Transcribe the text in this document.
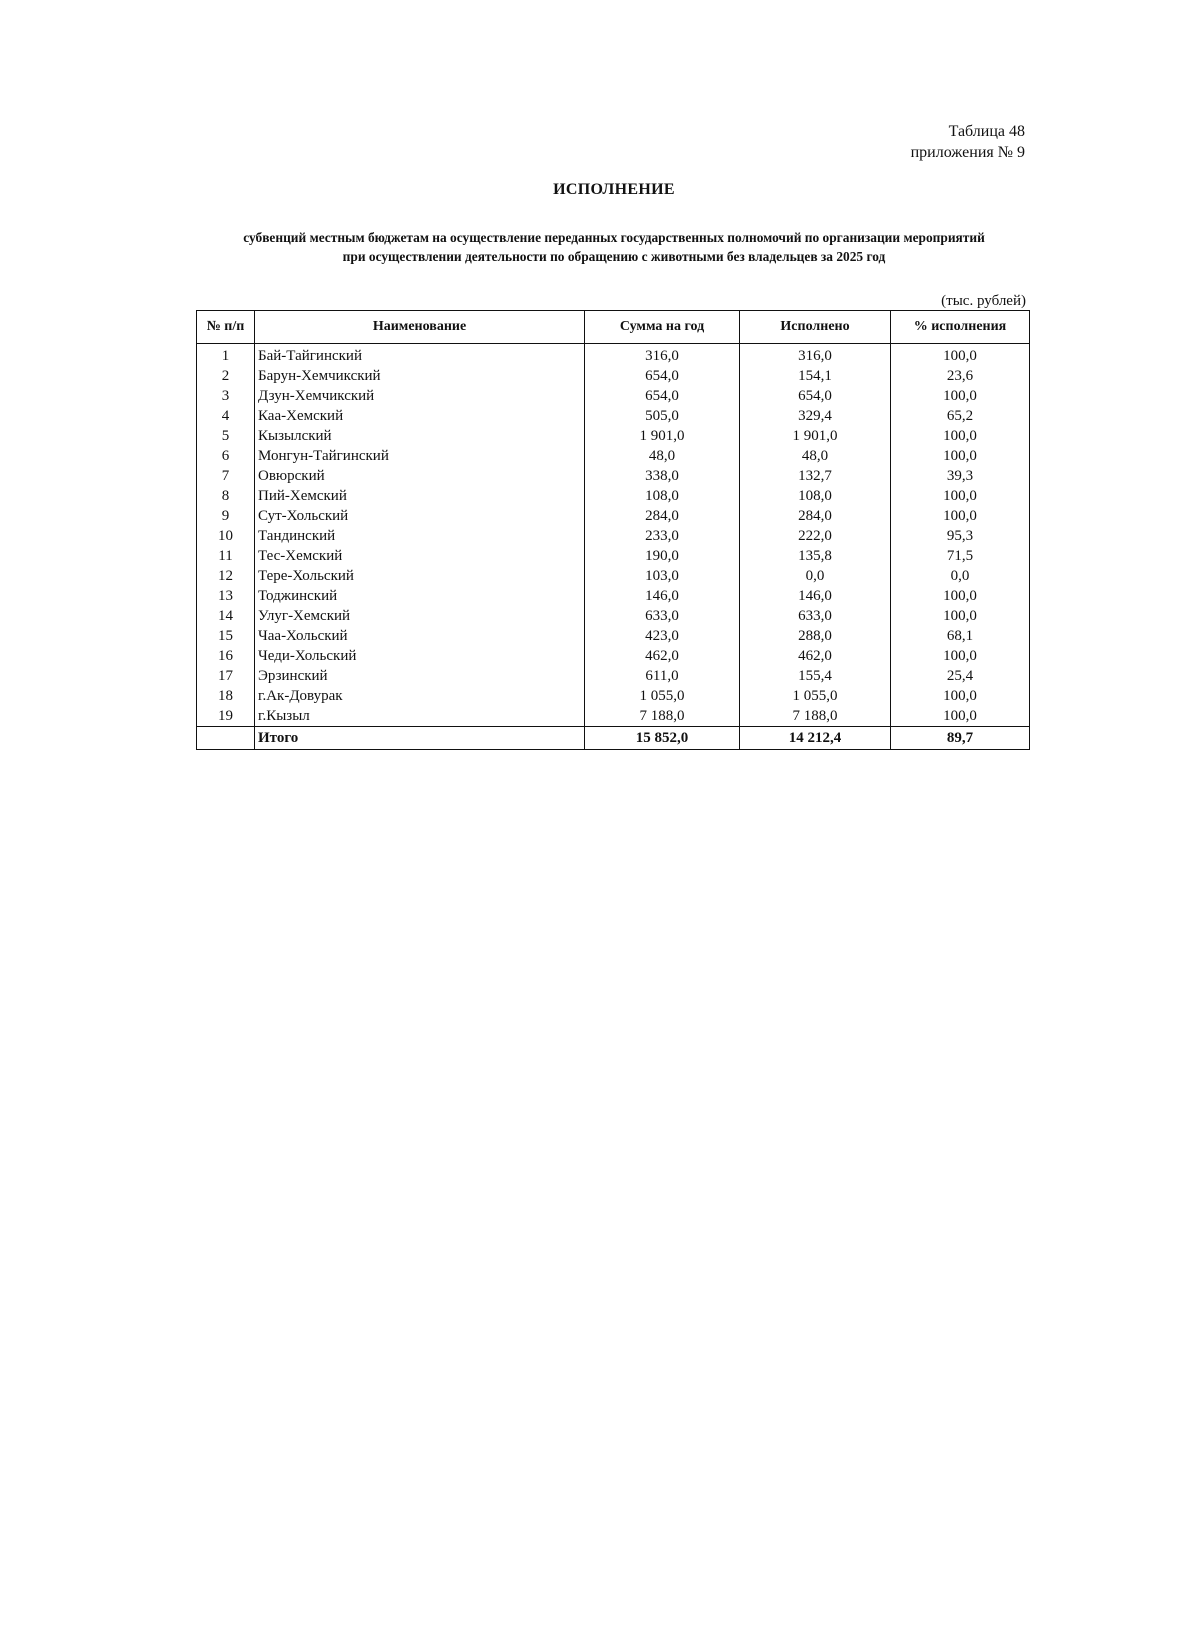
Таблица 48
приложения № 9
ИСПОЛНЕНИЕ
субвенций местным бюджетам на осуществление переданных государственных полномочий по организации мероприятий
при осуществлении деятельности по обращению с животными без владельцев за 2025 год
(тыс. рублей)
№ п/п	Наименование	Сумма на год	Исполнено	% исполнения
1	Бай-Тайгинский	316,0	316,0	100,0
2	Барун-Хемчикский	654,0	154,1	23,6
3	Дзун-Хемчикский	654,0	654,0	100,0
4	Каа-Хемский	505,0	329,4	65,2
5	Кызылский	1 901,0	1 901,0	100,0
6	Монгун-Тайгинский	48,0	48,0	100,0
7	Овюрский	338,0	132,7	39,3
8	Пий-Хемский	108,0	108,0	100,0
9	Сут-Хольский	284,0	284,0	100,0
10	Тандинский	233,0	222,0	95,3
11	Тес-Хемский	190,0	135,8	71,5
12	Тере-Хольский	103,0	0,0	0,0
13	Тоджинский	146,0	146,0	100,0
14	Улуг-Хемский	633,0	633,0	100,0
15	Чаа-Хольский	423,0	288,0	68,1
16	Чеди-Хольский	462,0	462,0	100,0
17	Эрзинский	611,0	155,4	25,4
18	г.Ак-Довурак	1 055,0	1 055,0	100,0
19	г.Кызыл	7 188,0	7 188,0	100,0
	Итого	15 852,0	14 212,4	89,7
